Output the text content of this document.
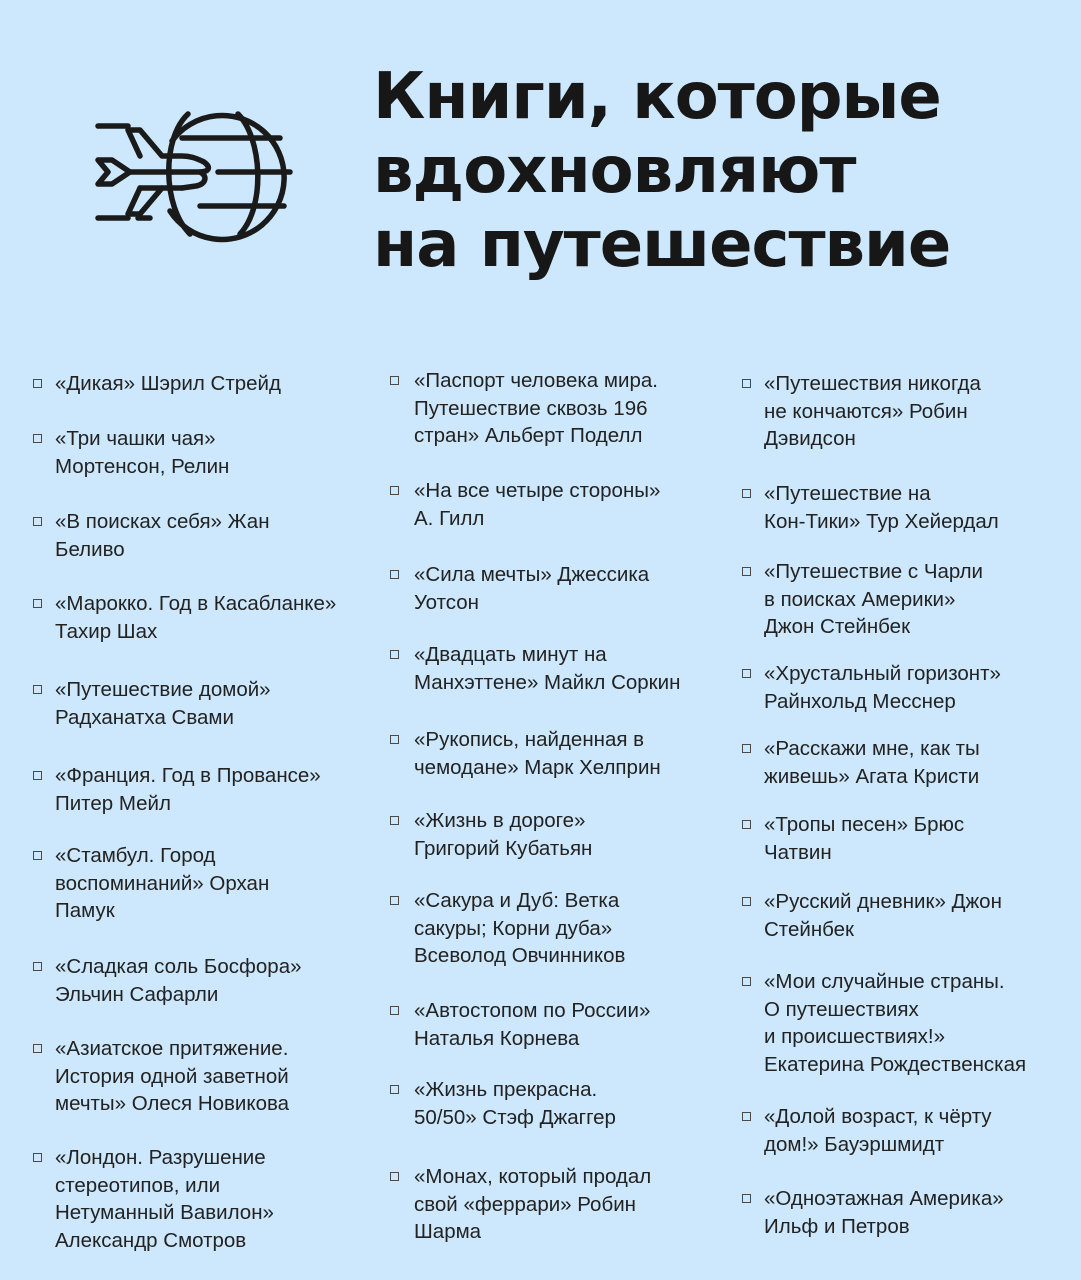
Книги, которые
вдохновляют
на путешествие
«Дикая» Шэрил Стрейд
«Три чашки чая»
Мортенсон, Релин
«В поисках себя» Жан
Беливо
«Марокко. Год в Касабланке»
Тахир Шах
«Путешествие домой»
Радханатха Свами
«Франция. Год в Провансе»
Питер Мейл
«Стамбул. Город
воспоминаний» Орхан
Памук
«Сладкая соль Босфора»
Эльчин Сафарли
«Азиатское притяжение.
История одной заветной
мечты» Олеся Новикова
«Лондон. Разрушение
стереотипов, или
Нетуманный Вавилон»
Александр Смотров
«Паспорт человека мира.
Путешествие сквозь 196
стран» Альберт Поделл
«На все четыре стороны»
А. Гилл
«Сила мечты» Джессика
Уотсон
«Двадцать минут на
Манхэттене» Майкл Соркин
«Рукопись, найденная в
чемодане» Марк Хелприн
«Жизнь в дороге»
Григорий Кубатьян
«Сакура и Дуб: Ветка
сакуры; Корни дуба»
Всеволод Овчинников
«Автостопом по России»
Наталья Корнева
«Жизнь прекрасна.
50/50» Стэф Джаггер
«Монах, который продал
свой «феррари» Робин
Шарма
«Путешествия никогда
не кончаются» Робин
Дэвидсон
«Путешествие на
Кон-Тики» Тур Хейердал
«Путешествие с Чарли
в поисках Америки»
Джон Стейнбек
«Хрустальный горизонт»
Райнхольд Месснер
«Расскажи мне, как ты
живешь» Агата Кристи
«Тропы песен» Брюс
Чатвин
«Русский дневник» Джон
Стейнбек
«Мои случайные страны.
О путешествиях
и происшествиях!»
Екатерина Рождественская
«Долой возраст, к чёрту
дом!» Бауэршмидт
«Одноэтажная Америка»
Ильф и Петров
